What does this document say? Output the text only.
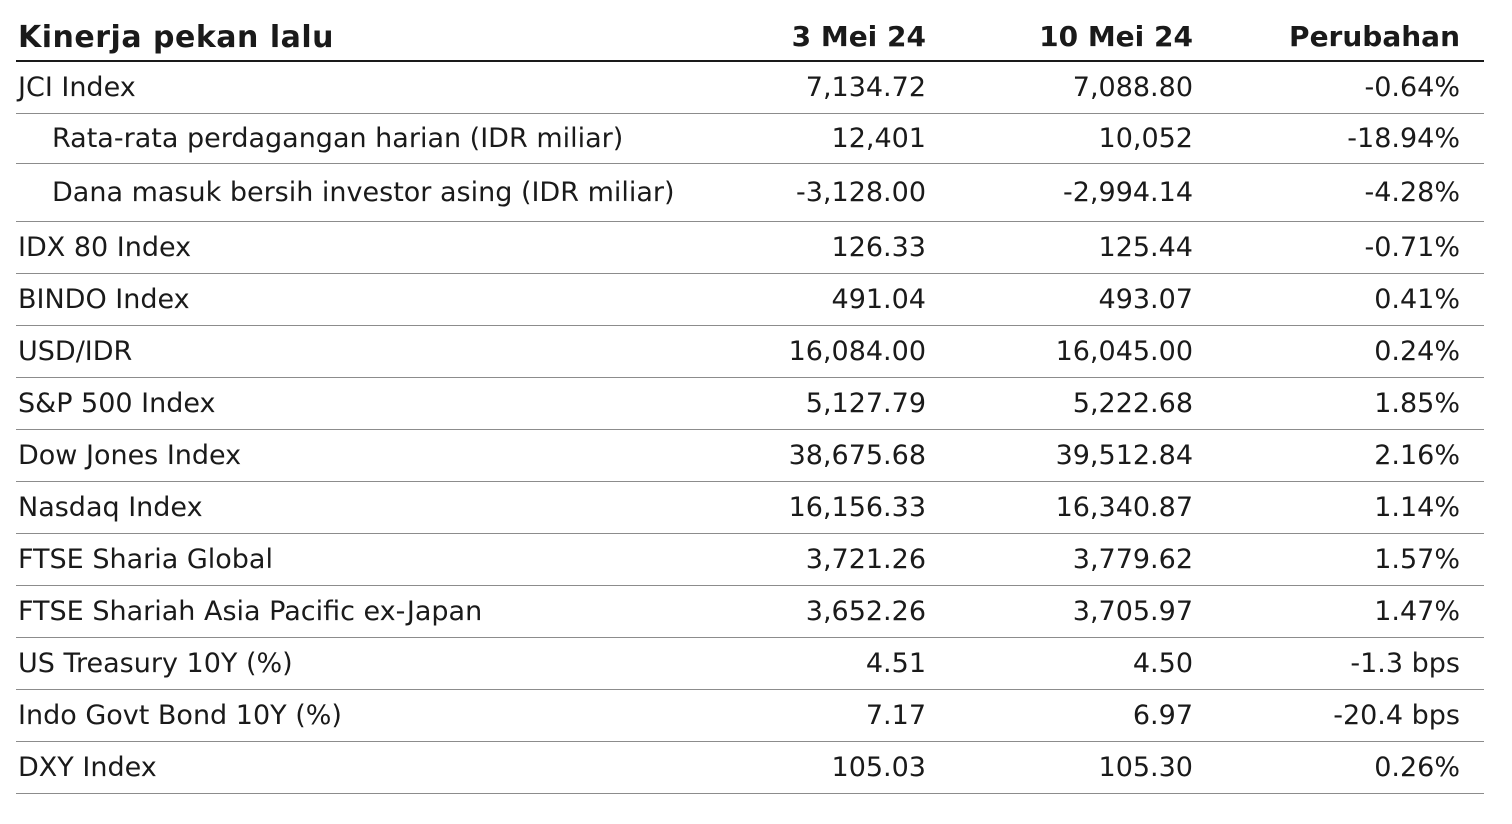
Kinerja pekan lalu	3 Mei 24	10 Mei 24	Perubahan
JCI Index	7,134.72	7,088.80	-0.64%
Rata-rata perdagangan harian (IDR miliar)	12,401	10,052	-18.94%
Dana masuk bersih investor asing (IDR miliar)	-3,128.00	-2,994.14	-4.28%
IDX 80 Index	126.33	125.44	-0.71%
BINDO Index	491.04	493.07	0.41%
USD/IDR	16,084.00	16,045.00	0.24%
S&P 500 Index	5,127.79	5,222.68	1.85%
Dow Jones Index	38,675.68	39,512.84	2.16%
Nasdaq Index	16,156.33	16,340.87	1.14%
FTSE Sharia Global	3,721.26	3,779.62	1.57%
FTSE Shariah Asia Pacific ex-Japan	3,652.26	3,705.97	1.47%
US Treasury 10Y (%)	4.51	4.50	-1.3 bps
Indo Govt Bond 10Y (%)	7.17	6.97	-20.4 bps
DXY Index	105.03	105.30	0.26%
